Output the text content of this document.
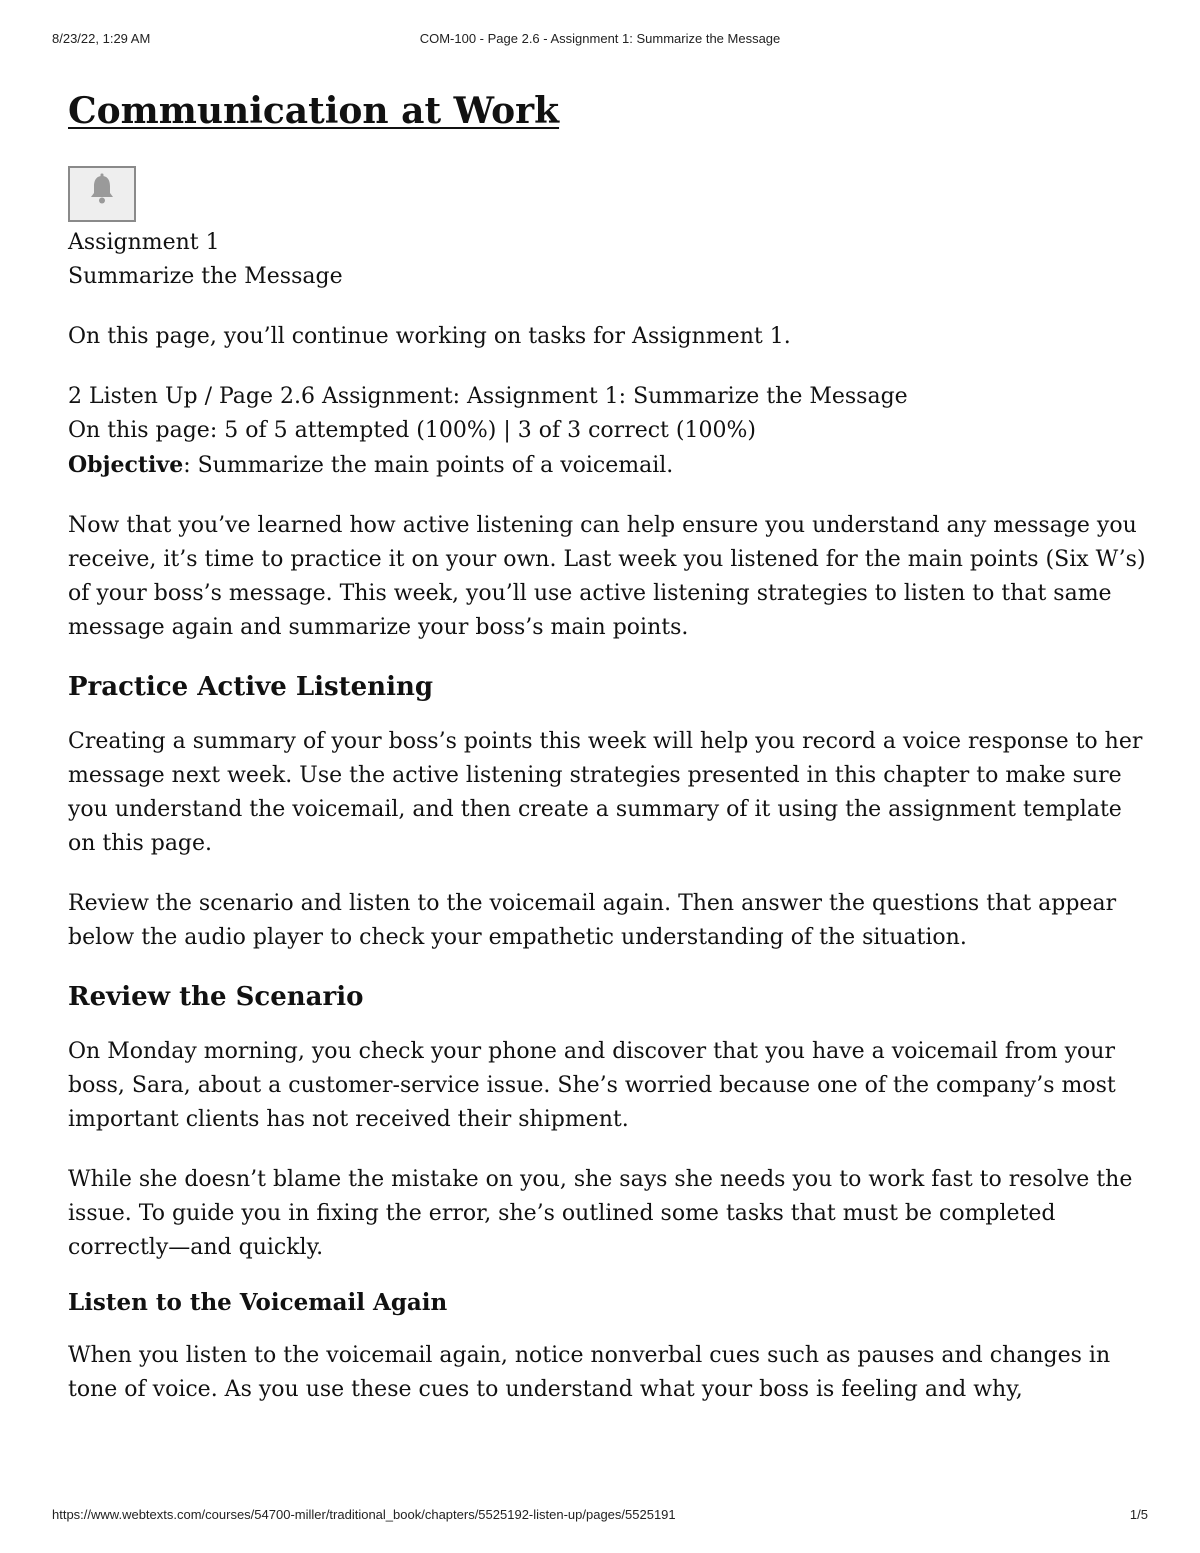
8/23/22, 1:29 AM	COM-100 - Page 2.6 - Assignment 1: Summarize the Message
Communication at Work

Assignment 1

Summarize the Message

On this page, you’ll continue working on tasks for Assignment 1.

2 Listen Up / Page 2.6 Assignment: Assignment 1: Summarize the Message

On this page: 5 of 5 attempted (100%) | 3 of 3 correct (100%)

Objective: Summarize the main points of a voicemail.

Now that you’ve learned how active listening can help ensure you understand any message you receive, it’s time to practice it on your own. Last week you listened for the main points (Six W’s) of your boss’s message. This week, you’ll use active listening strategies to listen to that same message again and summarize your boss’s main points.

Practice Active Listening

Creating a summary of your boss’s points this week will help you record a voice response to her message next week. Use the active listening strategies presented in this chapter to make sure you understand the voicemail, and then create a summary of it using the assignment template on this page.

Review the scenario and listen to the voicemail again. Then answer the questions that appear below the audio player to check your empathetic understanding of the situation.

Review the Scenario

On Monday morning, you check your phone and discover that you have a voicemail from your boss, Sara, about a customer-service issue. She’s worried because one of the company’s most important clients has not received their shipment.

While she doesn’t blame the mistake on you, she says she needs you to work fast to resolve the issue. To guide you in fixing the error, she’s outlined some tasks that must be completed correctly—and quickly.

Listen to the Voicemail Again

When you listen to the voicemail again, notice nonverbal cues such as pauses and changes in tone of voice. As you use these cues to understand what your boss is feeling and why,

https://www.webtexts.com/courses/54700-miller/traditional_book/chapters/5525192-listen-up/pages/5525191	1/5
